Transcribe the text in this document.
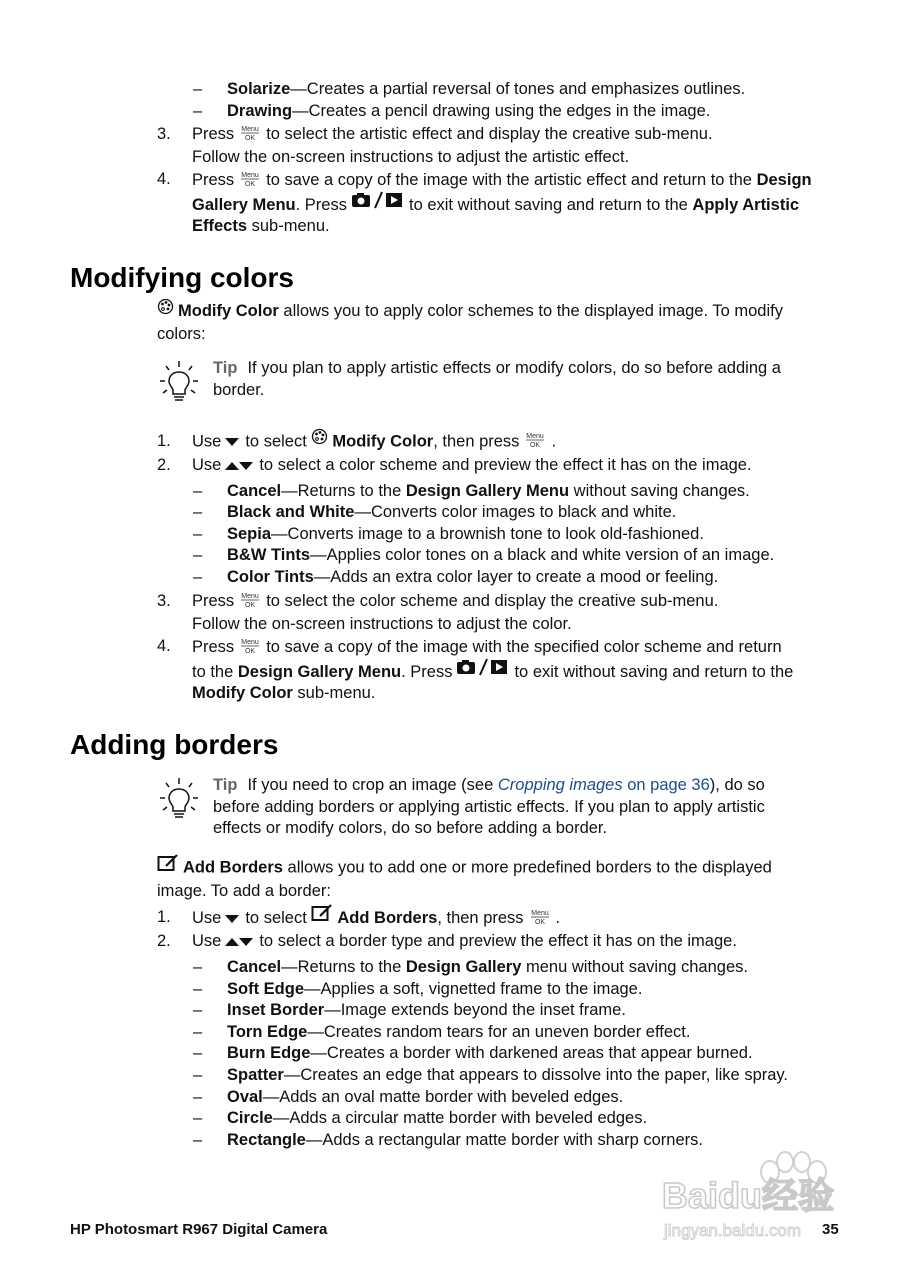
– Solarize—Creates a partial reversal of tones and emphasizes outlines.
– Drawing—Creates a pencil drawing using the edges in the image.
3. Press Menu
OK to select the artistic effect and display the creative sub-menu.
Follow the on-screen instructions to adjust the artistic effect.
4. Press Menu
OK to save a copy of the image with the artistic effect and return to the Design
Gallery Menu. Press	to exit without saving and return to the Apply Artistic
Effects sub-menu.
Modifying colors
Modify Color allows you to apply color schemes to the displayed image. To modify
colors:
Tip If you plan to apply artistic effects or modify colors, do so before adding a
border.
1. Use to select Modify Color, then press Menu
OK .
2. Use to select a color scheme and preview the effect it has on the image.
– Cancel—Returns to the Design Gallery Menu without saving changes.
– Black and White—Converts color images to black and white.
– Sepia—Converts image to a brownish tone to look old-fashioned.
– B&W Tints—Applies color tones on a black and white version of an image.
– Color Tints—Adds an extra color layer to create a mood or feeling.
3. Press Menu
OK to select the color scheme and display the creative sub-menu.
Follow the on-screen instructions to adjust the color.
4. Press Menu
OK to save a copy of the image with the specified color scheme and return
to the Design Gallery Menu. Press	to exit without saving and return to the
Modify Color sub-menu.
Adding borders
Tip If you need to crop an image (see Cropping images on page 36), do so
before adding borders or applying artistic effects. If you plan to apply artistic
effects or modify colors, do so before adding a border.
Add Borders allows you to add one or more predefined borders to the displayed
image. To add a border:
1. Use to select Add Borders, then press Menu
OK .
2. Use to select a border type and preview the effect it has on the image.
– Cancel—Returns to the Design Gallery menu without saving changes.
– Soft Edge—Applies a soft, vignetted frame to the image.
– Inset Border—Image extends beyond the inset frame.
– Torn Edge—Creates random tears for an uneven border effect.
– Burn Edge—Creates a border with darkened areas that appear burned.
– Spatter—Creates an edge that appears to dissolve into the paper, like spray.
– Oval—Adds an oval matte border with beveled edges.
– Circle—Adds a circular matte border with beveled edges.
– Rectangle—Adds a rectangular matte border with sharp corners.
Baidu经验
jingyan.baidu.com
HP Photosmart R967 Digital Camera	35
